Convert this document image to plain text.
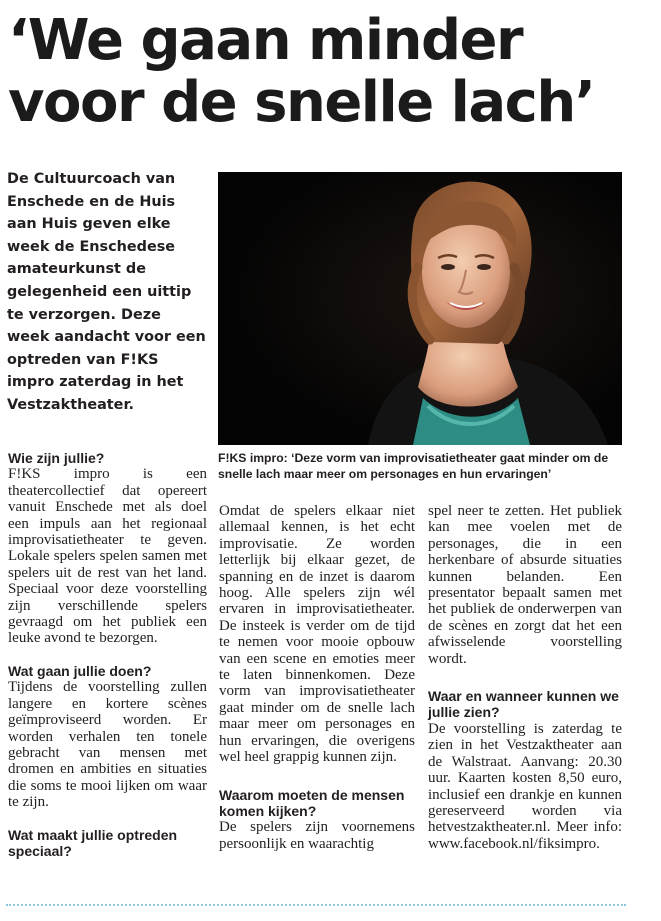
‘We gaan minder
voor de snelle lach’

De Cultuurcoach van Enschede en de Huis aan Huis geven elke week de Enschedese amateurkunst de gelegenheid een uittip te verzorgen. Deze week aandacht voor een optreden van F!KS impro zaterdag in het Vestzaktheater.

F!KS impro: ‘Deze vorm van improvisatietheater gaat minder om de snelle lach maar meer om personages en hun ervaringen’

Wie zijn jullie?

F!KS impro is een theatercollectief dat opereert vanuit Enschede met als doel een impuls aan het regionaal improvisatietheater te geven. Lokale spelers spelen samen met spelers uit de rest van het land. Speciaal voor deze voorstelling zijn verschillende spelers gevraagd om het publiek een leuke avond te bezorgen.

Wat gaan jullie doen?

Tijdens de voorstelling zullen langere en kortere scènes geïmproviseerd worden. Er worden verhalen ten tonele gebracht van mensen met dromen en ambities en situaties die soms te mooi lijken om waar te zijn.

Wat maakt jullie optreden speciaal?

Omdat de spelers elkaar niet allemaal kennen, is het echt improvisatie. Ze worden letterlijk bij elkaar gezet, de spanning en de inzet is daarom hoog. Alle spelers zijn wél ervaren in improvisatietheater. De insteek is verder om de tijd te nemen voor mooie opbouw van een scene en emoties meer te laten binnenkomen. Deze vorm van improvisatietheater gaat minder om de snelle lach maar meer om personages en hun ervaringen, die overigens wel heel grappig kunnen zijn.

Waarom moeten de mensen komen kijken?

De spelers zijn voornemens persoonlijk en waarachtig

spel neer te zetten. Het publiek kan mee voelen met de personages, die in een herkenbare of absurde situaties kunnen belanden. Een presentator bepaalt samen met het publiek de onderwerpen van de scènes en zorgt dat het een afwisselende voorstelling wordt.

Waar en wanneer kunnen we jullie zien?

De voorstelling is zaterdag te zien in het Vestzaktheater aan de Walstraat. Aanvang: 20.30 uur. Kaarten kosten 8,50 euro, inclusief een drankje en kunnen gereserveerd worden via hetvestzaktheater.nl. Meer info: www.facebook.nl/fiksimpro.
